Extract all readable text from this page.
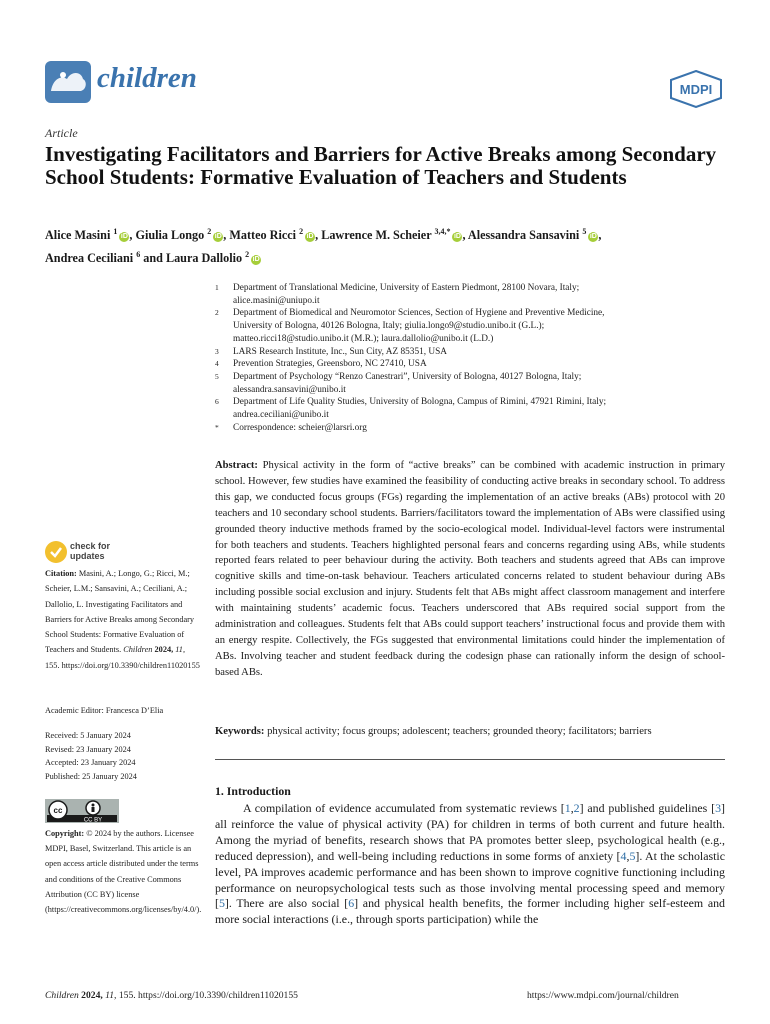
children	MDPI
Article
Investigating Facilitators and Barriers for Active Breaks among Secondary School Students: Formative Evaluation of Teachers and Students
Alice Masini $^1$iD , Giulia Longo $^2$iD , Matteo Ricci $^2$iD , Lawrence M. Scheier $^{3,4,*}$iD , Alessandra Sansavini $^5$iD ,
Andrea Ceciliani $^6$ and Laura Dallolio $^2$iD
1 Department of Translational Medicine, University of Eastern Piedmont, 28100 Novara, Italy;
alice.masini@uniupo.it
2 Department of Biomedical and Neuromotor Sciences, Section of Hygiene and Preventive Medicine,
University of Bologna, 40126 Bologna, Italy; giulia.longo9@studio.unibo.it (G.L.);
matteo.ricci18@studio.unibo.it (M.R.); laura.dallolio@unibo.it (L.D.)
3 LARS Research Institute, Inc., Sun City, AZ 85351, USA
4 Prevention Strategies, Greensboro, NC 27410, USA
5 Department of Psychology “Renzo Canestrari”, University of Bologna, 40127 Bologna, Italy;
alessandra.sansavini@unibo.it
6 Department of Life Quality Studies, University of Bologna, Campus of Rimini, 47921 Rimini, Italy;
andrea.ceciliani@unibo.it
* Correspondence: scheier@larsri.org
Abstract: Physical activity in the form of “active breaks” can be combined with academic instruction in primary school. However, few studies have examined the feasibility of conducting active breaks in secondary school. To address this gap, we conducted focus groups (FGs) regarding the implementation of an active breaks (ABs) protocol with 20 teachers and 10 secondary school students. Barriers/facilitators toward the implementation of ABs were classified using grounded theory inductive methods framed by the socio-ecological model. Individual-level factors were instrumental for both teachers and students. Teachers highlighted personal fears and concerns regarding using ABs, while students reported fears related to peer behaviour during the activity. Both teachers and students agreed that ABs can improve cognitive skills and time-on-task behaviour. Teachers articulated concerns related to student behaviour during ABs including possible social exclusion and injury. Students felt that ABs might affect classroom management and interfere with maintaining students’ academic focus. Teachers underscored that ABs required social support from the administration and colleagues. Students felt that ABs could support teachers’ instructional focus and provide them with an energy respite. Collectively, the FGs suggested that environmental limitations could hinder the implementation of ABs. Involving teacher and student feedback during the codesign phase can rationally inform the design of school-based ABs.
Keywords: physical activity; focus groups; adolescent; teachers; grounded theory; facilitators; barriers
1. Introduction
A compilation of evidence accumulated from systematic reviews [1,2] and published guidelines [3] all reinforce the value of physical activity (PA) for children in terms of both current and future health. Among the myriad of benefits, research shows that PA promotes better sleep, psychological health (e.g., reduced depression), and well-being including reductions in some forms of anxiety [4,5]. At the scholastic level, PA improves academic performance and has been shown to improve cognitive functioning including performance on neuropsychological tests such as those involving mental processing speed and memory [5]. There are also social [6] and physical health benefits, the former including higher self-esteem and more social interactions (i.e., through sports participation) while the
check for
updates
Citation: Masini, A.; Longo, G.; Ricci, M.; Scheier, L.M.; Sansavini, A.; Ceciliani, A.; Dallolio, L. Investigating Facilitators and Barriers for Active Breaks among Secondary School Students: Formative Evaluation of Teachers and Students. Children 2024, 11, 155. https://doi.org/10.3390/children11020155
Academic Editor: Francesca D’Elia
Received: 5 January 2024
Revised: 23 January 2024
Accepted: 23 January 2024
Published: 25 January 2024
cc
CC BY
Copyright: © 2024 by the authors. Licensee MDPI, Basel, Switzerland. This article is an open access article distributed under the terms and conditions of the Creative Commons Attribution (CC BY) license (https://creativecommons.org/licenses/by/4.0/).
Children 2024, 11, 155. https://doi.org/10.3390/children11020155	https://www.mdpi.com/journal/children
